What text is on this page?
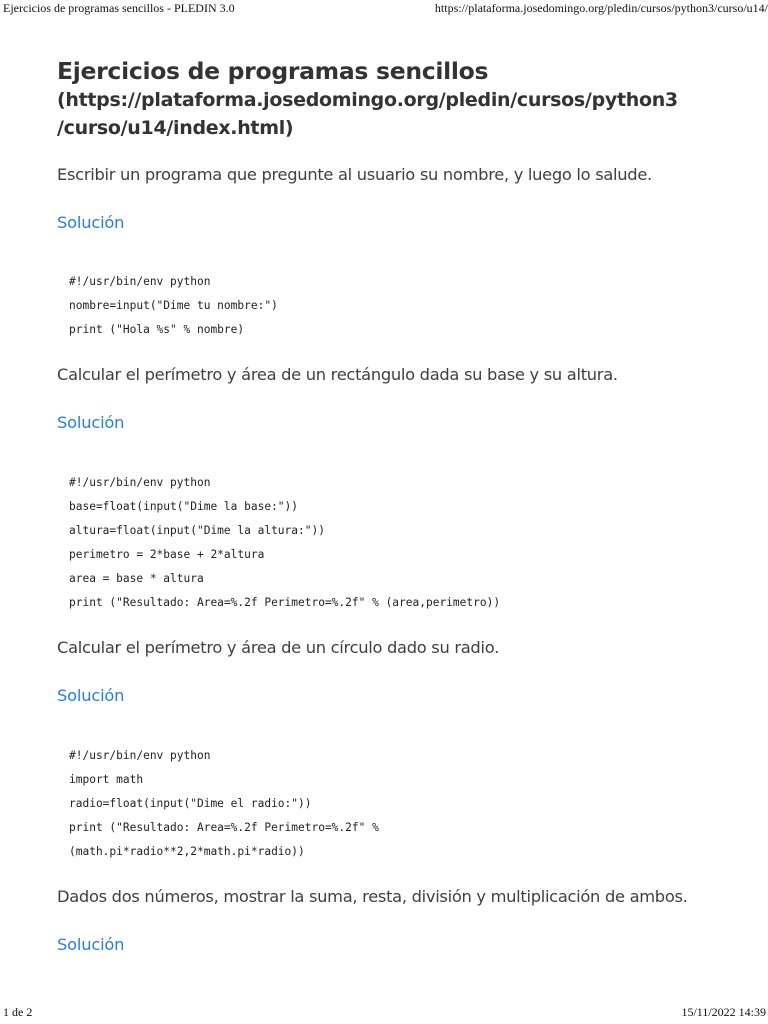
Ejercicios de programas sencillos - PLEDIN 3.0	https://plataforma.josedomingo.org/pledin/cursos/python3/curso/u14/
Ejercicios de programas sencillos
(https://plataforma.josedomingo.org/pledin/cursos/python3
/curso/u14/index.html)

Escribir un programa que pregunte al usuario su nombre, y luego lo salude.

Solución
#!/usr/bin/env python
nombre=input("Dime tu nombre:")
print ("Hola %s" % nombre)

Calcular el perímetro y área de un rectángulo dada su base y su altura.

Solución
#!/usr/bin/env python
base=float(input("Dime la base:"))
altura=float(input("Dime la altura:"))
perimetro = 2*base + 2*altura
area = base * altura
print ("Resultado: Area=%.2f Perimetro=%.2f" % (area,perimetro))

Calcular el perímetro y área de un círculo dado su radio.

Solución
#!/usr/bin/env python
import math
radio=float(input("Dime el radio:"))
print ("Resultado: Area=%.2f Perimetro=%.2f" %
(math.pi*radio**2,2*math.pi*radio))

Dados dos números, mostrar la suma, resta, división y multiplicación de ambos.

Solución
1 de 2	15/11/2022 14:39
